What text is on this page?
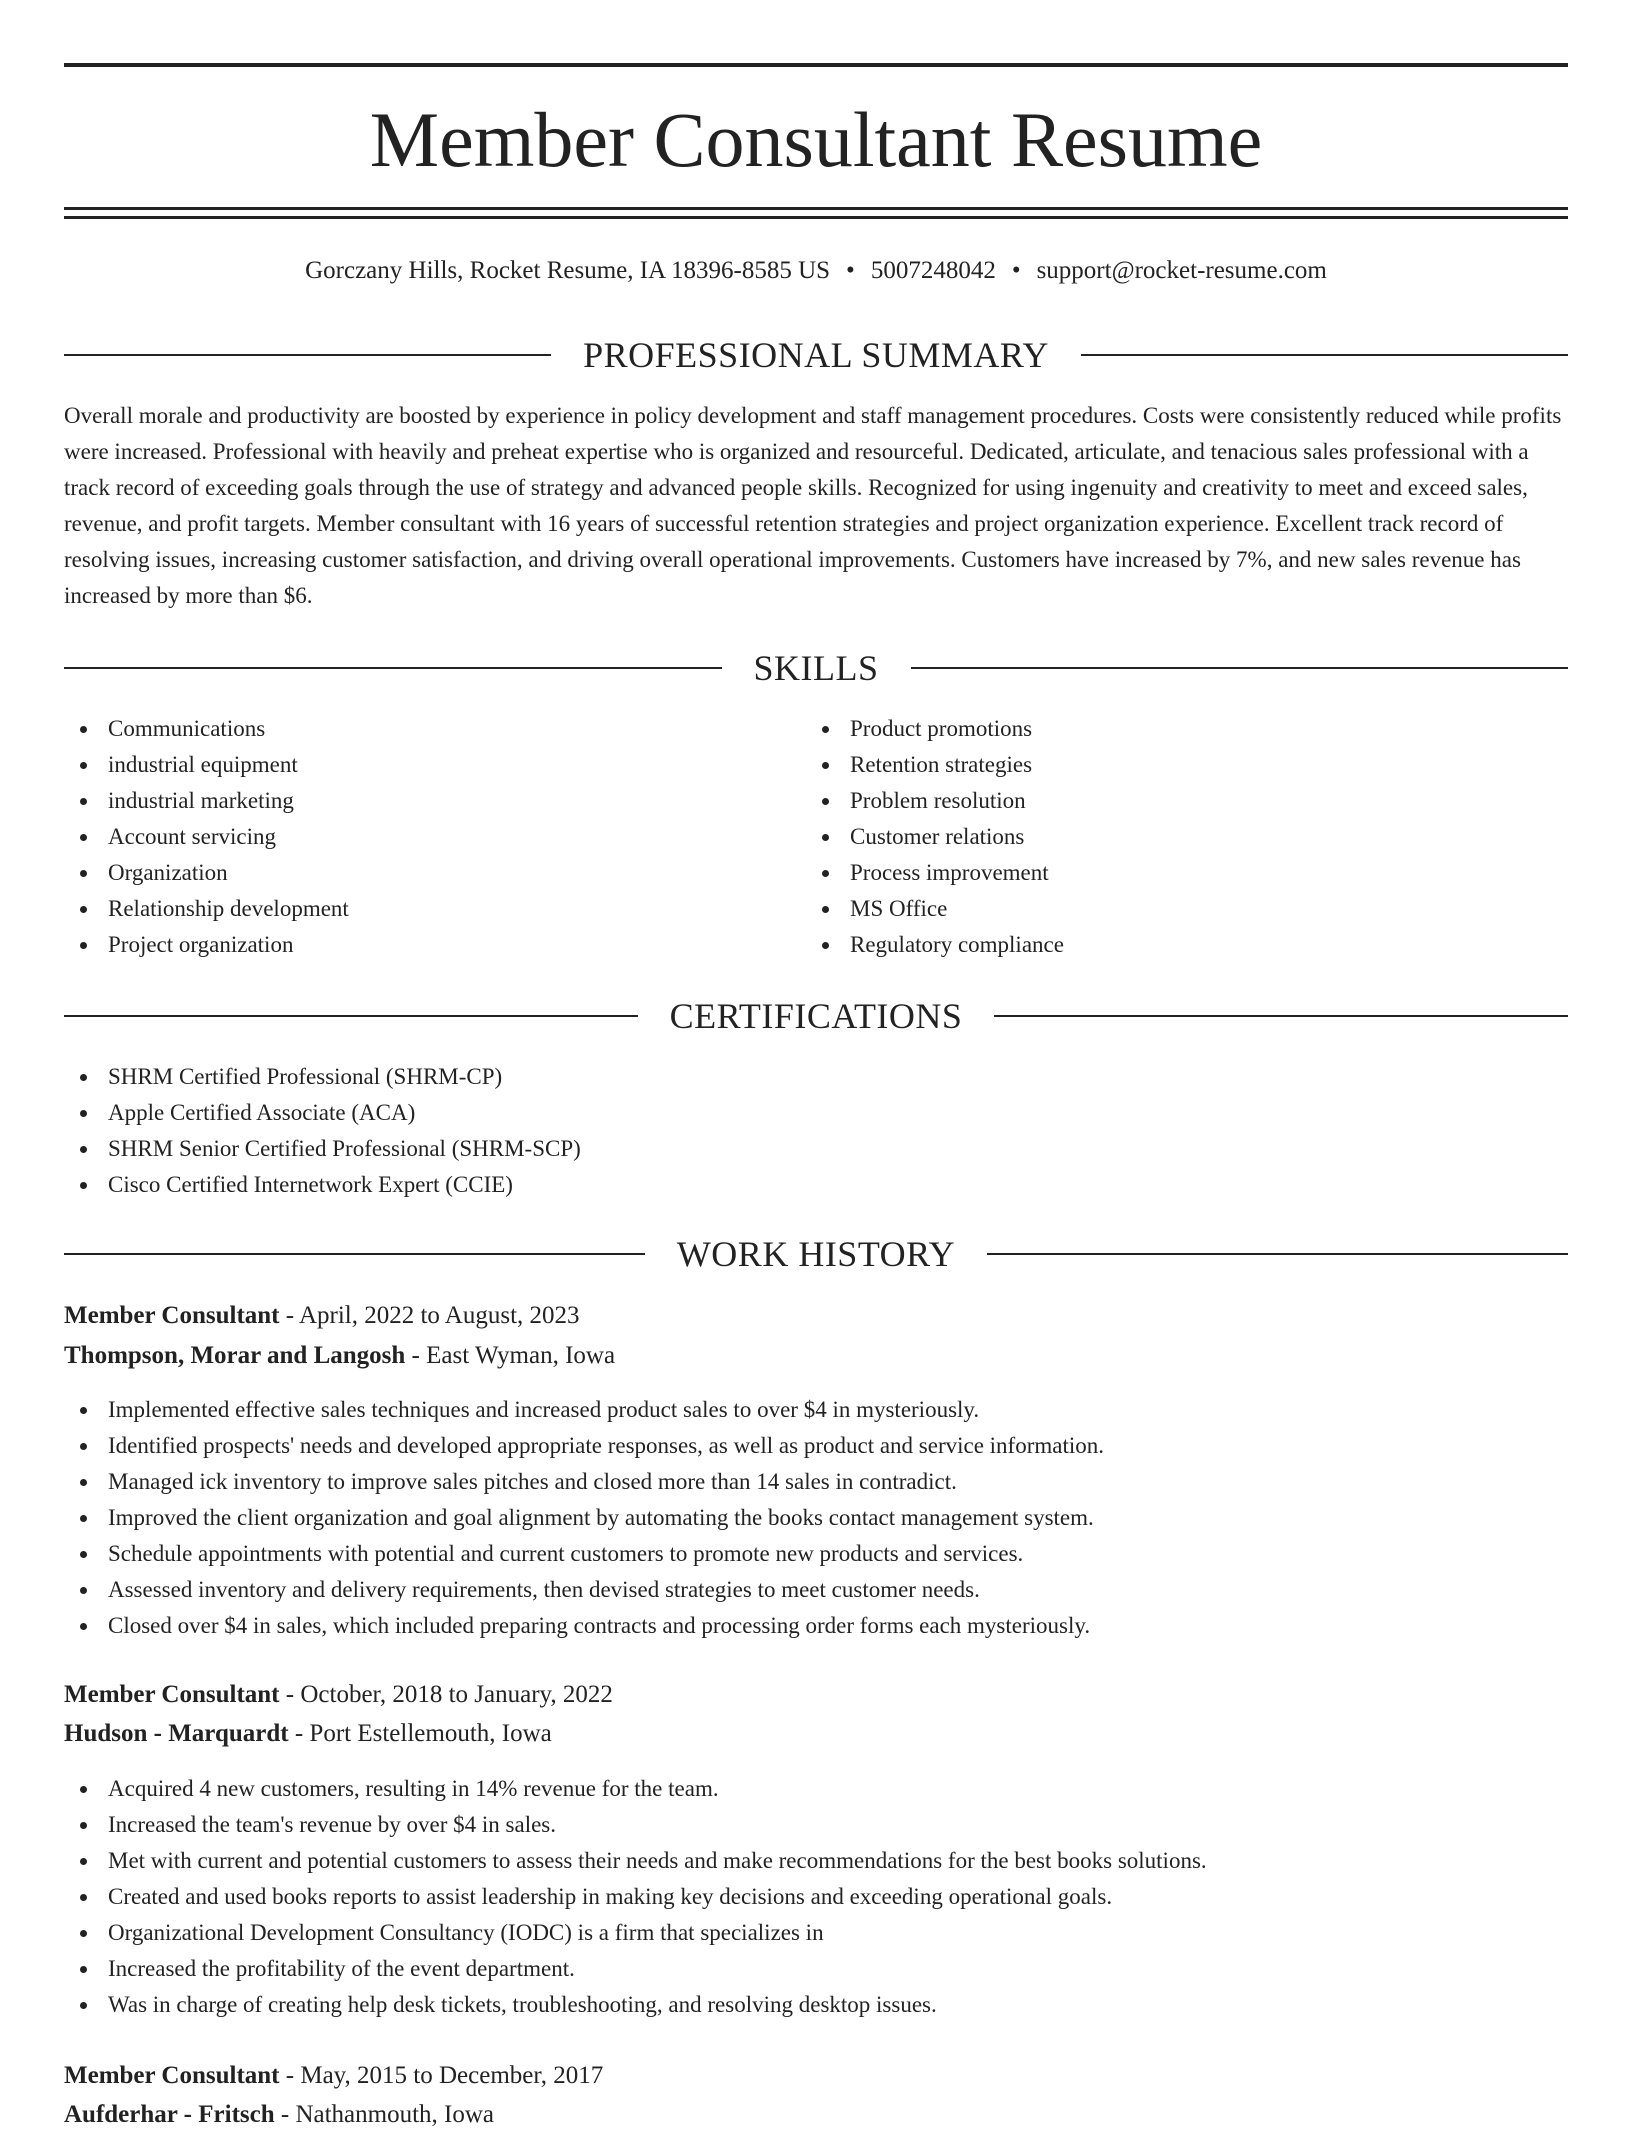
Member Consultant Resume
Gorczany Hills, Rocket Resume, IA 18396-8585 US • 5007248042 • support@rocket-resume.com
PROFESSIONAL SUMMARY

Overall morale and productivity are boosted by experience in policy development and staff management procedures. Costs were consistently reduced while profits were increased. Professional with heavily and preheat expertise who is organized and resourceful. Dedicated, articulate, and tenacious sales professional with a track record of exceeding goals through the use of strategy and advanced people skills. Recognized for using ingenuity and creativity to meet and exceed sales, revenue, and profit targets. Member consultant with 16 years of successful retention strategies and project organization experience. Excellent track record of resolving issues, increasing customer satisfaction, and driving overall operational improvements. Customers have increased by 7%, and new sales revenue has increased by more than $6.

SKILLS
Communications
industrial equipment
industrial marketing
Account servicing
Organization
Relationship development
Project organization
Product promotions
Retention strategies
Problem resolution
Customer relations
Process improvement
MS Office
Regulatory compliance
CERTIFICATIONS
SHRM Certified Professional (SHRM-CP)
Apple Certified Associate (ACA)
SHRM Senior Certified Professional (SHRM-SCP)
Cisco Certified Internetwork Expert (CCIE)
WORK HISTORY
Member Consultant - April, 2022 to August, 2023
Thompson, Morar and Langosh - East Wyman, Iowa
Implemented effective sales techniques and increased product sales to over $4 in mysteriously.
Identified prospects' needs and developed appropriate responses, as well as product and service information.
Managed ick inventory to improve sales pitches and closed more than 14 sales in contradict.
Improved the client organization and goal alignment by automating the books contact management system.
Schedule appointments with potential and current customers to promote new products and services.
Assessed inventory and delivery requirements, then devised strategies to meet customer needs.
Closed over $4 in sales, which included preparing contracts and processing order forms each mysteriously.
Member Consultant - October, 2018 to January, 2022
Hudson - Marquardt - Port Estellemouth, Iowa
Acquired 4 new customers, resulting in 14% revenue for the team.
Increased the team's revenue by over $4 in sales.
Met with current and potential customers to assess their needs and make recommendations for the best books solutions.
Created and used books reports to assist leadership in making key decisions and exceeding operational goals.
Organizational Development Consultancy (IODC) is a firm that specializes in
Increased the profitability of the event department.
Was in charge of creating help desk tickets, troubleshooting, and resolving desktop issues.
Member Consultant - May, 2015 to December, 2017
Aufderhar - Fritsch - Nathanmouth, Iowa
